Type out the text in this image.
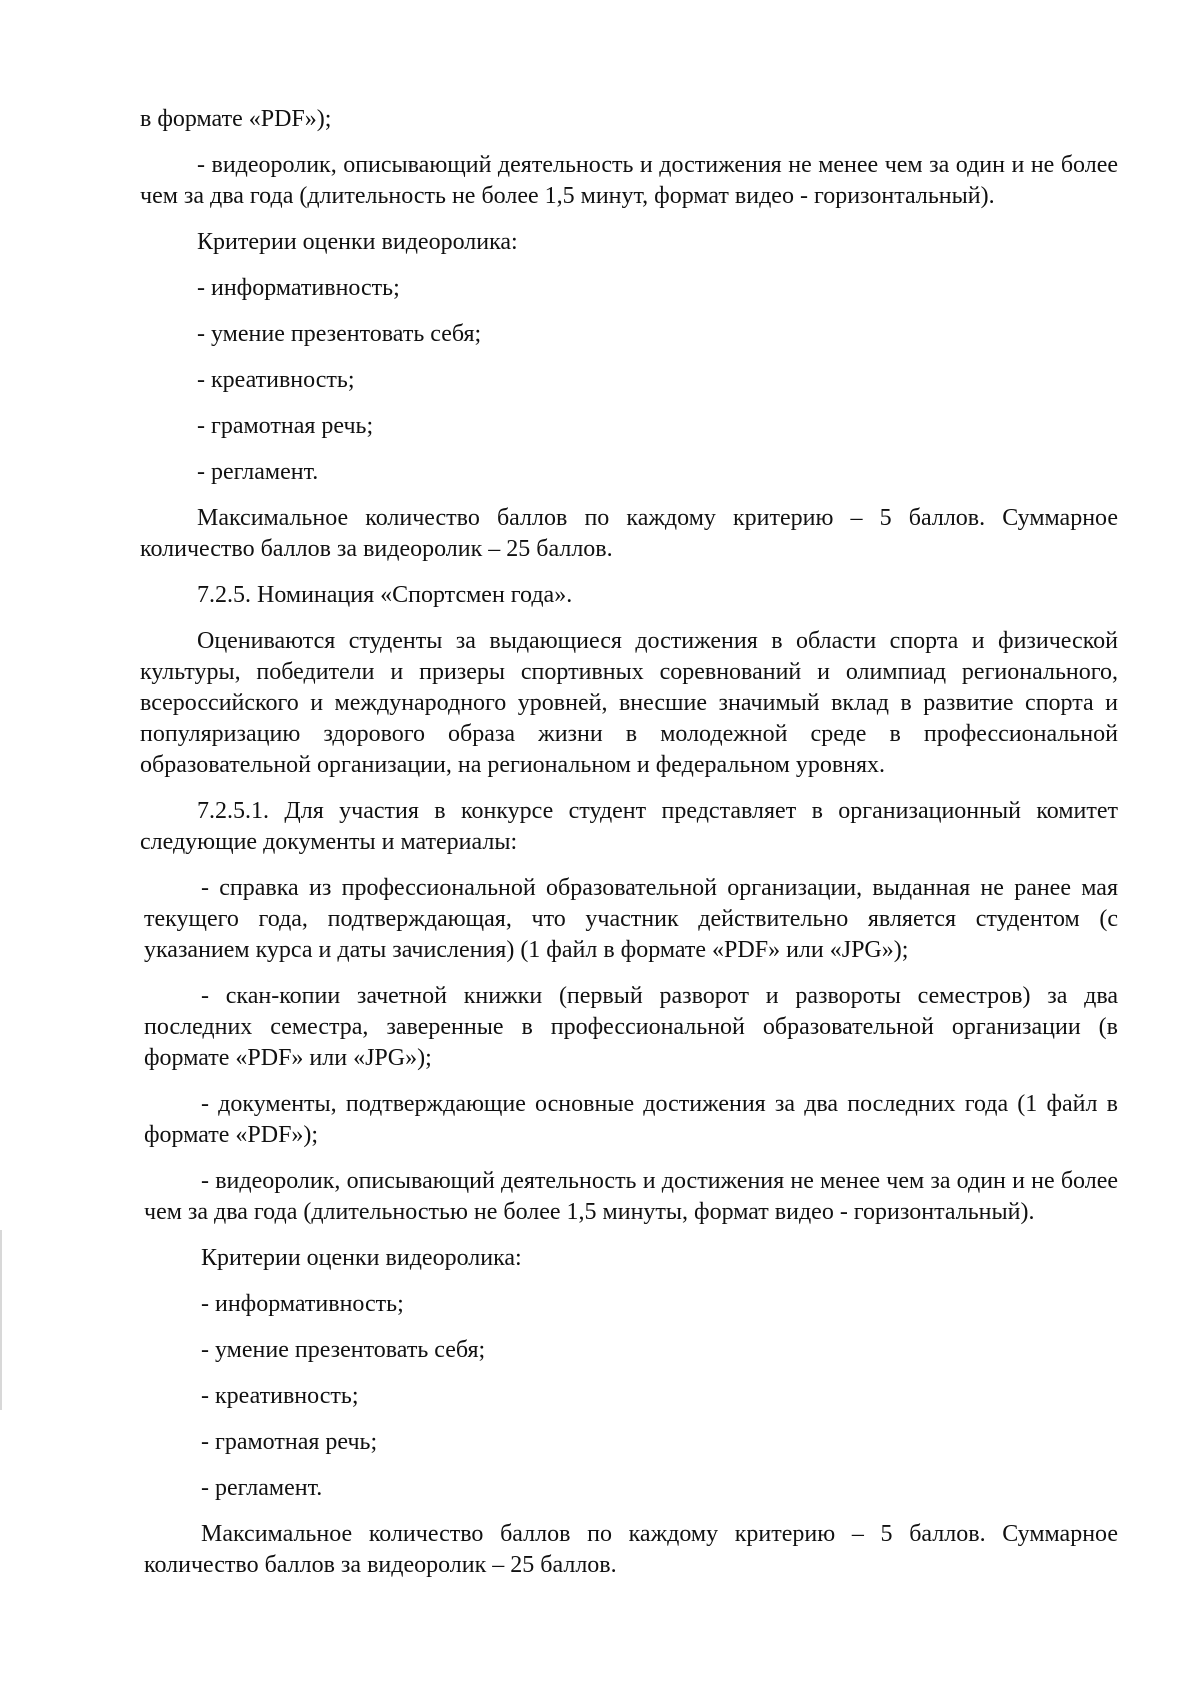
в формате «PDF»);

- видеоролик, описывающий деятельность и достижения не менее чем за один и не более чем за два года (длительность не более 1,5 минут, формат видео - горизонтальный).

Критерии оценки видеоролика:

- информативность;

- умение презентовать себя;

- креативность;

- грамотная речь;

- регламент.

Максимальное количество баллов по каждому критерию – 5 баллов. Суммарное количество баллов за видеоролик – 25 баллов.

7.2.5. Номинация «Спортсмен года».

Оцениваются студенты за выдающиеся достижения в области спорта и физической культуры, победители и призеры спортивных соревнований и олимпиад регионального, всероссийского и международного уровней, внесшие значимый вклад в развитие спорта и популяризацию здорового образа жизни в молодежной среде в профессиональной образовательной организации, на региональном и федеральном уровнях.

7.2.5.1. Для участия в конкурсе студент представляет в организационный комитет следующие документы и материалы:

- справка из профессиональной образовательной организации, выданная не ранее мая текущего года, подтверждающая, что участник действительно является студентом (с указанием курса и даты зачисления) (1 файл в формате «PDF» или «JPG»);

- скан-копии зачетной книжки (первый разворот и развороты семестров) за два последних семестра, заверенные в профессиональной образовательной организации (в формате «PDF» или «JPG»);

- документы, подтверждающие основные достижения за два последних года (1 файл в формате «PDF»);

- видеоролик, описывающий деятельность и достижения не менее чем за один и не более чем за два года (длительностью не более 1,5 минуты, формат видео - горизонтальный).

Критерии оценки видеоролика:

- информативность;

- умение презентовать себя;

- креативность;

- грамотная речь;

- регламент.

Максимальное количество баллов по каждому критерию – 5 баллов. Суммарное количество баллов за видеоролик – 25 баллов.
